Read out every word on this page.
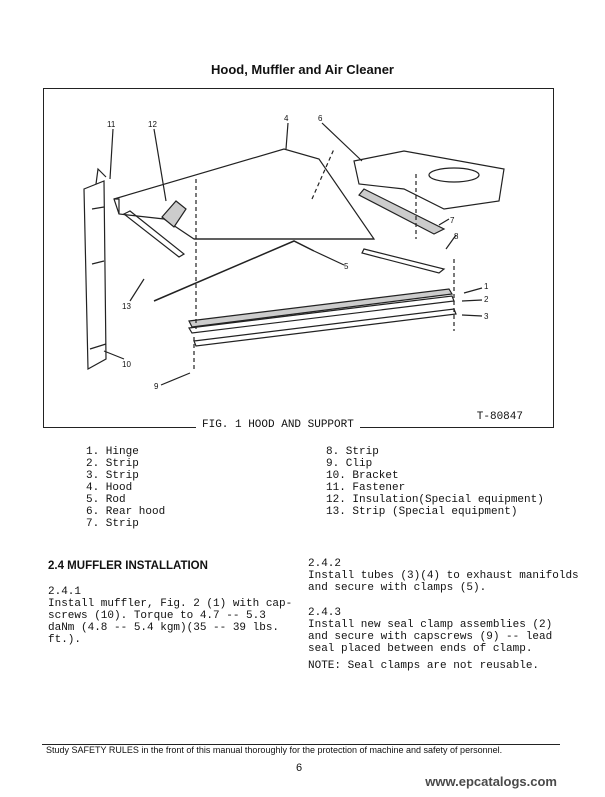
Hood, Muffler and Air Cleaner
11	12
4	6
7
8
5
13
1
2
3
9
10
T-80847
FIG. 1 HOOD AND SUPPORT
1. Hinge
2. Strip
3. Strip
4. Hood
5. Rod
6. Rear hood
7. Strip
8. Strip
9. Clip
10. Bracket
11. Fastener
12. Insulation(Special equipment)
13. Strip (Special equipment)
2.4 MUFFLER INSTALLATION
2.4.1
Install muffler, Fig. 2 (1) with cap-
screws (10). Torque to 4.7 -- 5.3
daNm (4.8 -- 5.4 kgm)(35 -- 39 lbs.
ft.).
2.4.2
Install tubes (3)(4) to exhaust manifolds
and secure with clamps (5).
2.4.3
Install new seal clamp assemblies (2)
and secure with capscrews (9) -- lead
seal placed between ends of clamp.
NOTE: Seal clamps are not reusable.
Study SAFETY RULES in the front of this manual thoroughly for the protection of machine and safety of personnel.
6
www.epcatalogs.com
